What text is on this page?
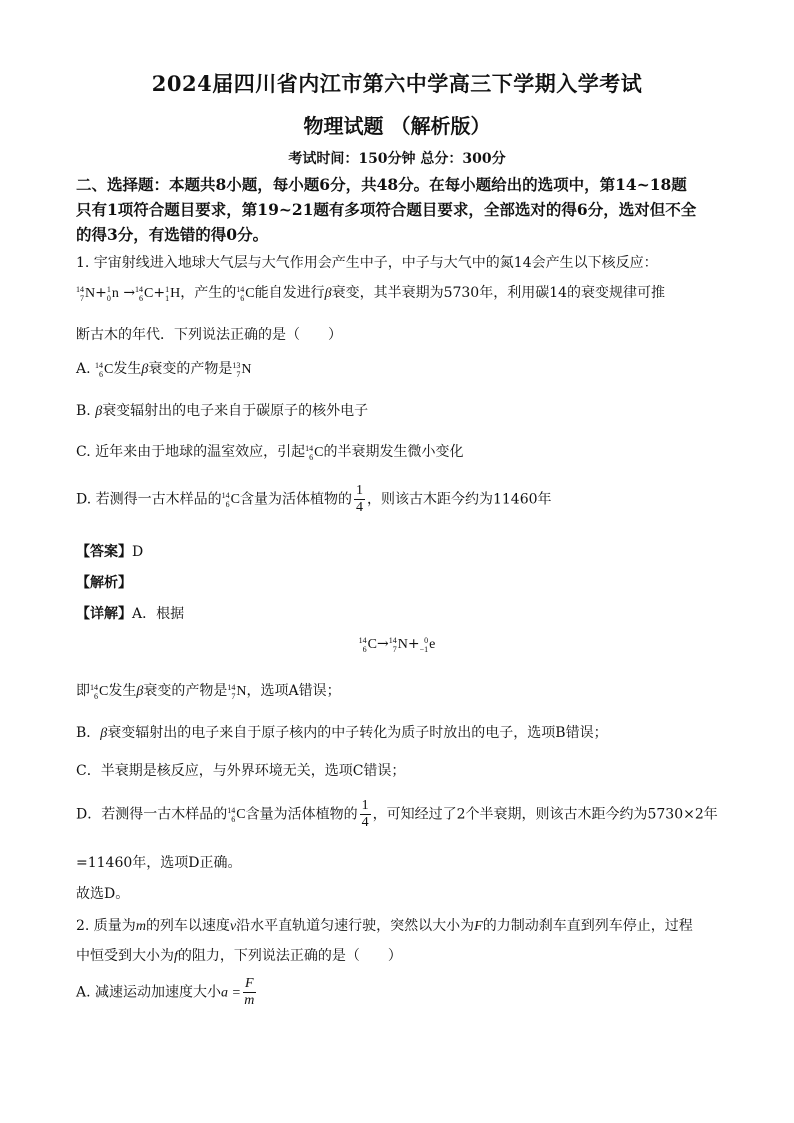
2024届四川省内江市第六中学高三下学期入学考试
物理试题 （解析版）
考试时间：150分钟 总分：300分
二、选择题：本题共8小题，每小题6分，共48分。在每小题给出的选项中，第14~18题
只有1项符合题目要求，第19~21题有多项符合题目要求，全部选对的得6分，选对但不全
的得3分，有选错的得0分。
1. 宇宙射线进入地球大气层与大气作用会产生中子，中子与大气中的氮14会产生以下核反应：
14
7 N+ 1
0 n → 14
6 C+ 1
1 H，产生的 14
6 C能自发进行β衰变，其半衰期为5730年，利用碳14的衰变规律可推
断古木的年代．下列说法正确的是（　　）
A. 14
6 C发生β衰变的产物是 13
7 N
B. β衰变辐射出的电子来自于碳原子的核外电子
C. 近年来由于地球的温室效应，引起 14
6 C的半衰期发生微小变化
D. 若测得一古木样品的 14
6 C含量为活体植物的 $\frac{1}{4}$ ，则该古木距今约为11460年
【答案】D
【解析】
【详解】A．根据
14
6 C→ 14
7 N+ 0
−1 e
即 14
6 C发生β衰变的产物是 14
7 N，选项A错误；
B．β衰变辐射出的电子来自于原子核内的中子转化为质子时放出的电子，选项B错误；
C．半衰期是核反应，与外界环境无关，选项C错误；
D．若测得一古木样品的 14
6 C含量为活体植物的 $\frac{1}{4}$ ，可知经过了2个半衰期，则该古木距今约为5730×2年
=11460年，选项D正确。
故选D。
2. 质量为m的列车以速度v沿水平直轨道匀速行驶，突然以大小为F的力制动刹车直到列车停止，过程
中恒受到大小为f的阻力，下列说法正确的是（　　）
A. 减速运动加速度大小$a = \frac{F}{m}$
